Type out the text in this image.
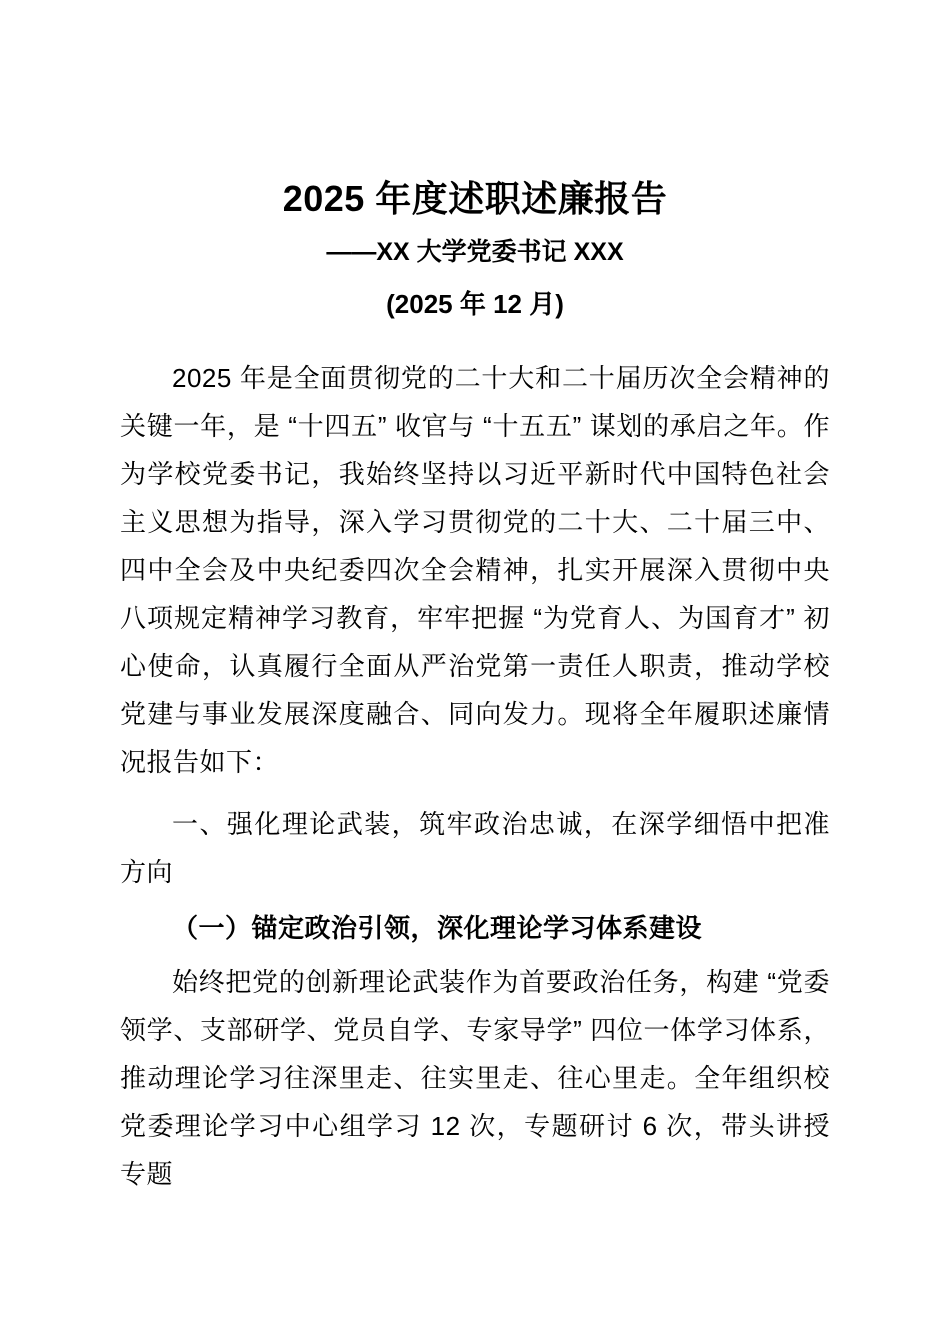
2025 年度述职述廉报告
——XX 大学党委书记 XXX
(2025 年 12 月)

2025 年是全面贯彻党的二十大和二十届历次全会精神的关键一年，是 “十四五” 收官与 “十五五” 谋划的承启之年。作为学校党委书记，我始终坚持以习近平新时代中国特色社会主义思想为指导，深入学习贯彻党的二十大、二十届三中、四中全会及中央纪委四次全会精神，扎实开展深入贯彻中央八项规定精神学习教育，牢牢把握 “为党育人、为国育才” 初心使命，认真履行全面从严治党第一责任人职责，推动学校党建与事业发展深度融合、同向发力。现将全年履职述廉情况报告如下：

一、强化理论武装，筑牢政治忠诚，在深学细悟中把准方向

（一）锚定政治引领，深化理论学习体系建设

始终把党的创新理论武装作为首要政治任务，构建 “党委领学、支部研学、党员自学、专家导学” 四位一体学习体系，推动理论学习往深里走、往实里走、往心里走。全年组织校党委理论学习中心组学习 12 次，专题研讨 6 次，带头讲授专题
